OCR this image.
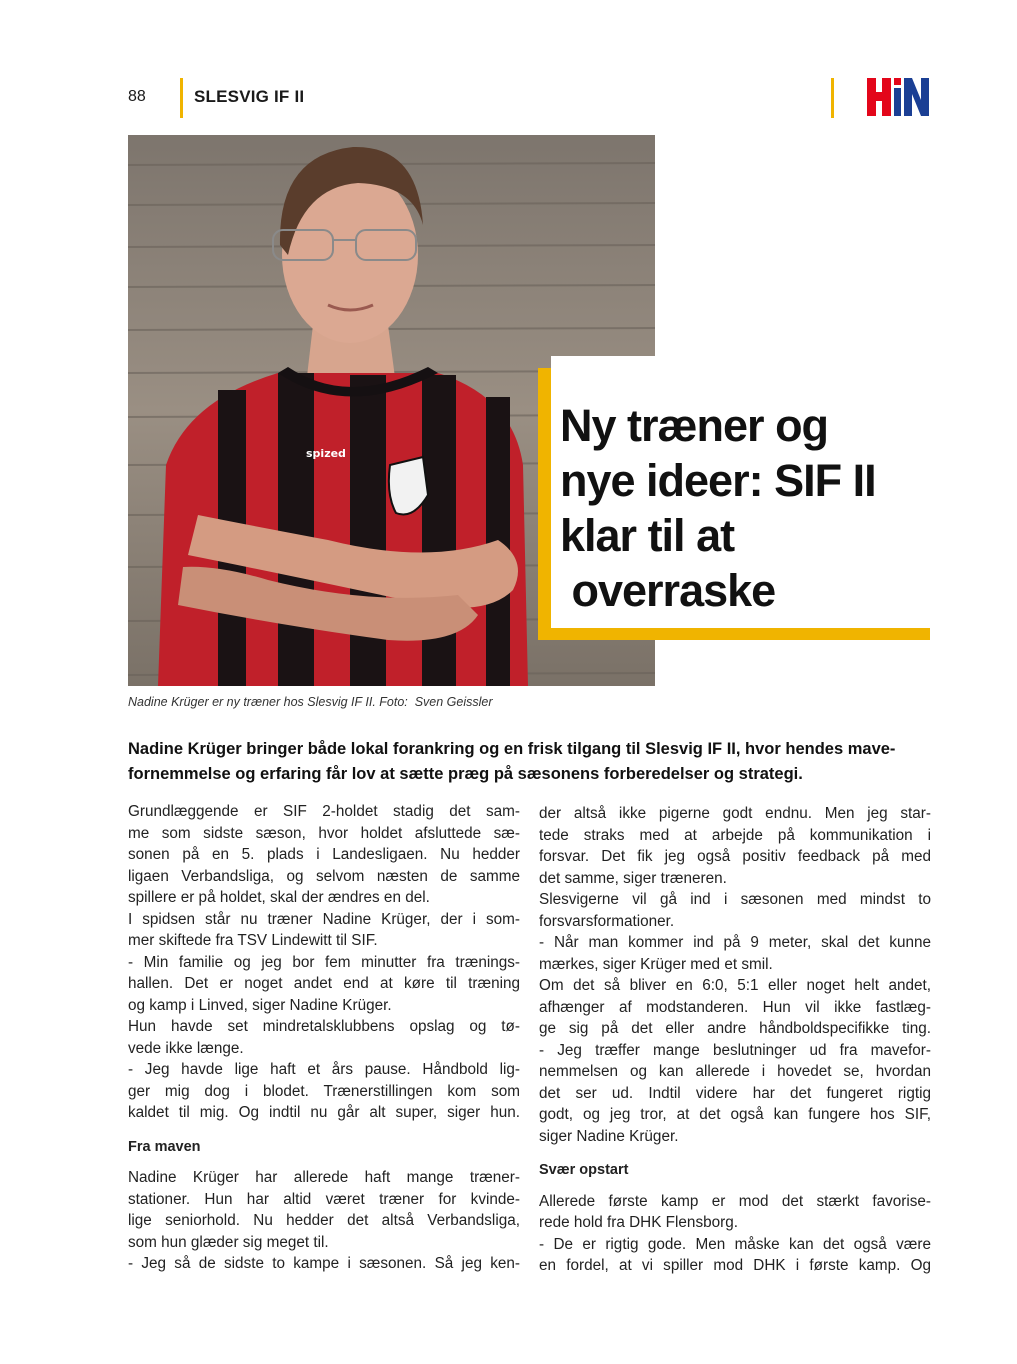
88	SLESVIG IF II
spized
Ny træner og
nye ideer: SIF II
klar til at
overraske
Nadine Krüger er ny træner hos Slesvig IF II. Foto:  Sven Geissler
Nadine Krüger bringer både lokal forankring og en frisk tilgang til Slesvig IF II, hvor hendes mave-
fornemmelse og erfaring får lov at sætte præg på sæsonens forberedelser og strategi.
Grundlæggende er SIF 2-holdet stadig det sam-
me som sidste sæson, hvor holdet afsluttede sæ-
sonen på en 5. plads i Landesligaen. Nu hedder
ligaen Verbandsliga, og selvom næsten de samme
spillere er på holdet, skal der ændres en del.
I spidsen står nu træner Nadine Krüger, der i som-
mer skiftede fra TSV Lindewitt til SIF.
- Min familie og jeg bor fem minutter fra trænings-
hallen. Det er noget andet end at køre til træning
og kamp i Linved, siger Nadine Krüger.
Hun havde set mindretalsklubbens opslag og tø-
vede ikke længe.
- Jeg havde lige haft et års pause. Håndbold lig-
ger mig dog i blodet. Trænerstillingen kom som
kaldet til mig. Og indtil nu går alt super, siger hun.
Fra maven
Nadine Krüger har allerede haft mange træner-
stationer. Hun har altid været træner for kvinde-
lige seniorhold. Nu hedder det altså Verbandsliga,
som hun glæder sig meget til.
- Jeg så de sidste to kampe i sæsonen. Så jeg ken-
der altså ikke pigerne godt endnu. Men jeg star-
tede straks med at arbejde på kommunikation i
forsvar. Det fik jeg også positiv feedback på med
det samme, siger træneren.
Slesvigerne vil gå ind i sæsonen med mindst to
forsvarsformationer.
- Når man kommer ind på 9 meter, skal det kunne
mærkes, siger Krüger med et smil.
Om det så bliver en 6:0, 5:1 eller noget helt andet,
afhænger af modstanderen. Hun vil ikke fastlæg-
ge sig på det eller andre håndboldspecifikke ting.
- Jeg træffer mange beslutninger ud fra mavefor-
nemmelsen og kan allerede i hovedet se, hvordan
det ser ud. Indtil videre har det fungeret rigtig
godt, og jeg tror, at det også kan fungere hos SIF,
siger Nadine Krüger.
Svær opstart
Allerede første kamp er mod det stærkt favorise-
rede hold fra DHK Flensborg.
- De er rigtig gode. Men måske kan det også være
en fordel, at vi spiller mod DHK i første kamp. Og
